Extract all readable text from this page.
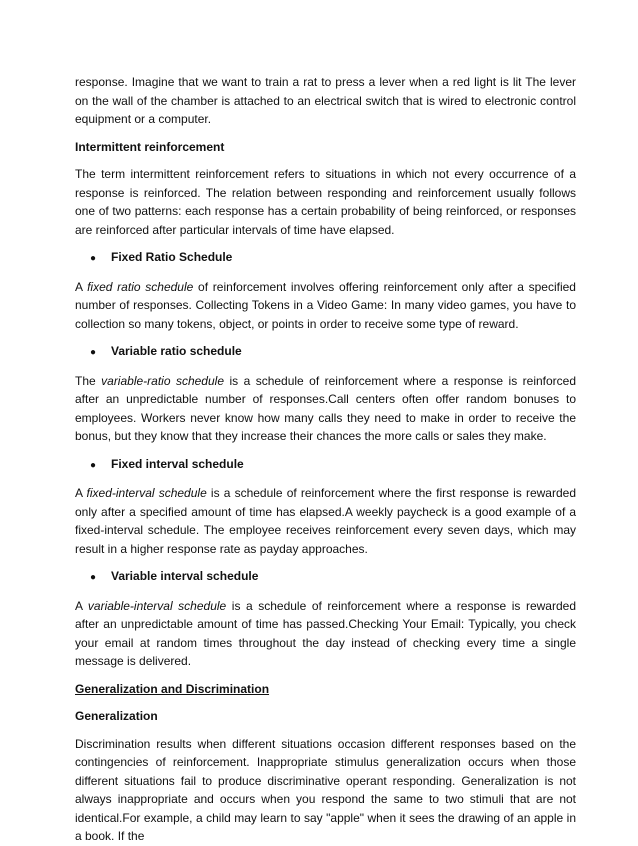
response. Imagine that we want to train a rat to press a lever when a red light is lit The lever on the wall of the chamber is attached to an electrical switch that is wired to electronic control equipment or a computer.

Intermittent reinforcement

The term intermittent reinforcement refers to situations in which not every occurrence of a response is reinforced. The relation between responding and reinforcement usually follows one of two patterns: each response has a certain probability of being reinforced, or responses are reinforced after particular intervals of time have elapsed.

●	Fixed Ratio Schedule

A fixed ratio schedule of reinforcement involves offering reinforcement only after a specified number of responses. Collecting Tokens in a Video Game: In many video games, you have to collection so many tokens, object, or points in order to receive some type of reward.

●	Variable ratio schedule

The variable-ratio schedule is a schedule of reinforcement where a response is reinforced after an unpredictable number of responses.Call centers often offer random bonuses to employees. Workers never know how many calls they need to make in order to receive the bonus, but they know that they increase their chances the more calls or sales they make.

●	Fixed interval schedule

A fixed-interval schedule is a schedule of reinforcement where the first response is rewarded only after a specified amount of time has elapsed.A weekly paycheck is a good example of a fixed-interval schedule. The employee receives reinforcement every seven days, which may result in a higher response rate as payday approaches.

●	Variable interval schedule

A variable-interval schedule is a schedule of reinforcement where a response is rewarded after an unpredictable amount of time has passed.Checking Your Email: Typically, you check your email at random times throughout the day instead of checking every time a single message is delivered.

Generalization and Discrimination

Generalization

Discrimination results when different situations occasion different responses based on the contingencies of reinforcement. Inappropriate stimulus generalization occurs when those different situations fail to produce discriminative operant responding. Generalization is not always inappropriate and occurs when you respond the same to two stimuli that are not identical.For example, a child may learn to say "apple" when it sees the drawing of an apple in a book. If the
